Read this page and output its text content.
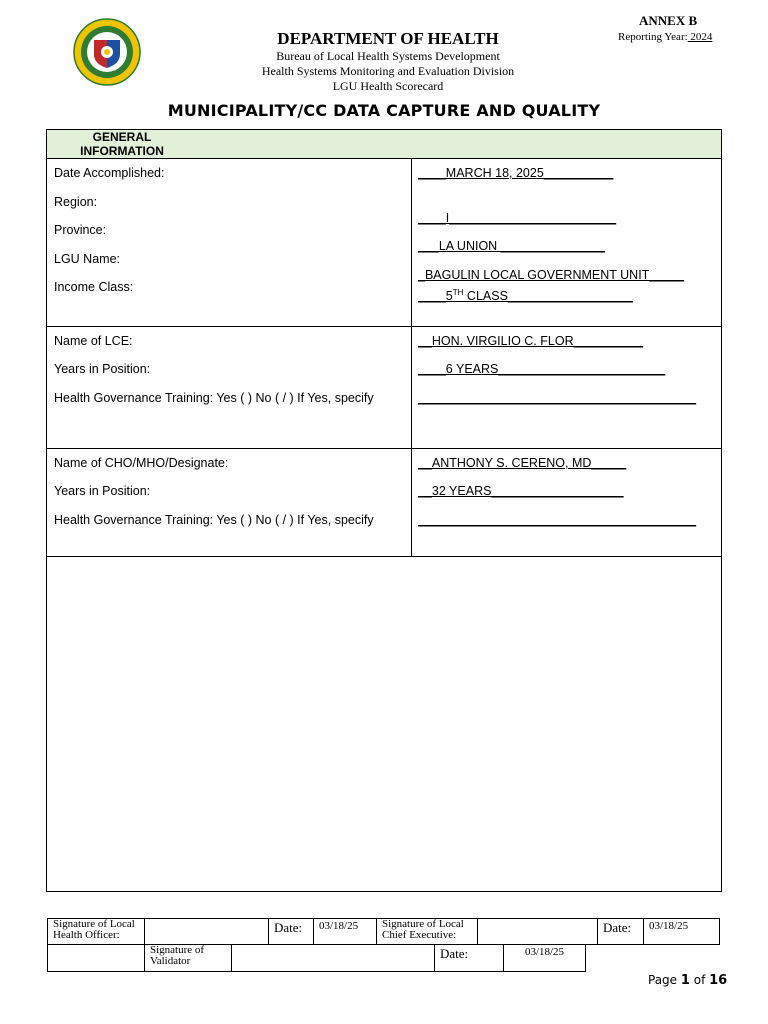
ANNEX B
Reporting Year: 2024
DEPARTMENT OF HEALTH
Bureau of Local Health Systems Development
Health Systems Monitoring and Evaluation Division
LGU Health Scorecard
MUNICIPALITY/CC DATA CAPTURE AND QUALITY
GENERAL INFORMATION
Date Accomplished:	____MARCH 18, 2025__________
Region:
____I________________________
Province:
___LA UNION _______________
LGU Name:
_BAGULIN LOCAL GOVERNMENT UNIT_____
Income Class:
____5TH CLASS__________________
Name of LCE:	__HON. VIRGILIO C. FLOR__________
Years in Position:	____6 YEARS________________________
Health Governance Training: Yes ( ) No ( / ) If Yes, specify	________________________________________
Name of CHO/MHO/Designate:	__ANTHONY S. CERENO, MD_____
Years in Position:	__32 YEARS___________________
Health Governance Training: Yes ( ) No ( / ) If Yes, specify	________________________________________
Signature of Local Health Officer:		Date:	03/18/25	Signature of Local Chief Executive:		Date:	03/18/25
	Signature of Validator		Date:	03/18/25
Page 1 of 16
